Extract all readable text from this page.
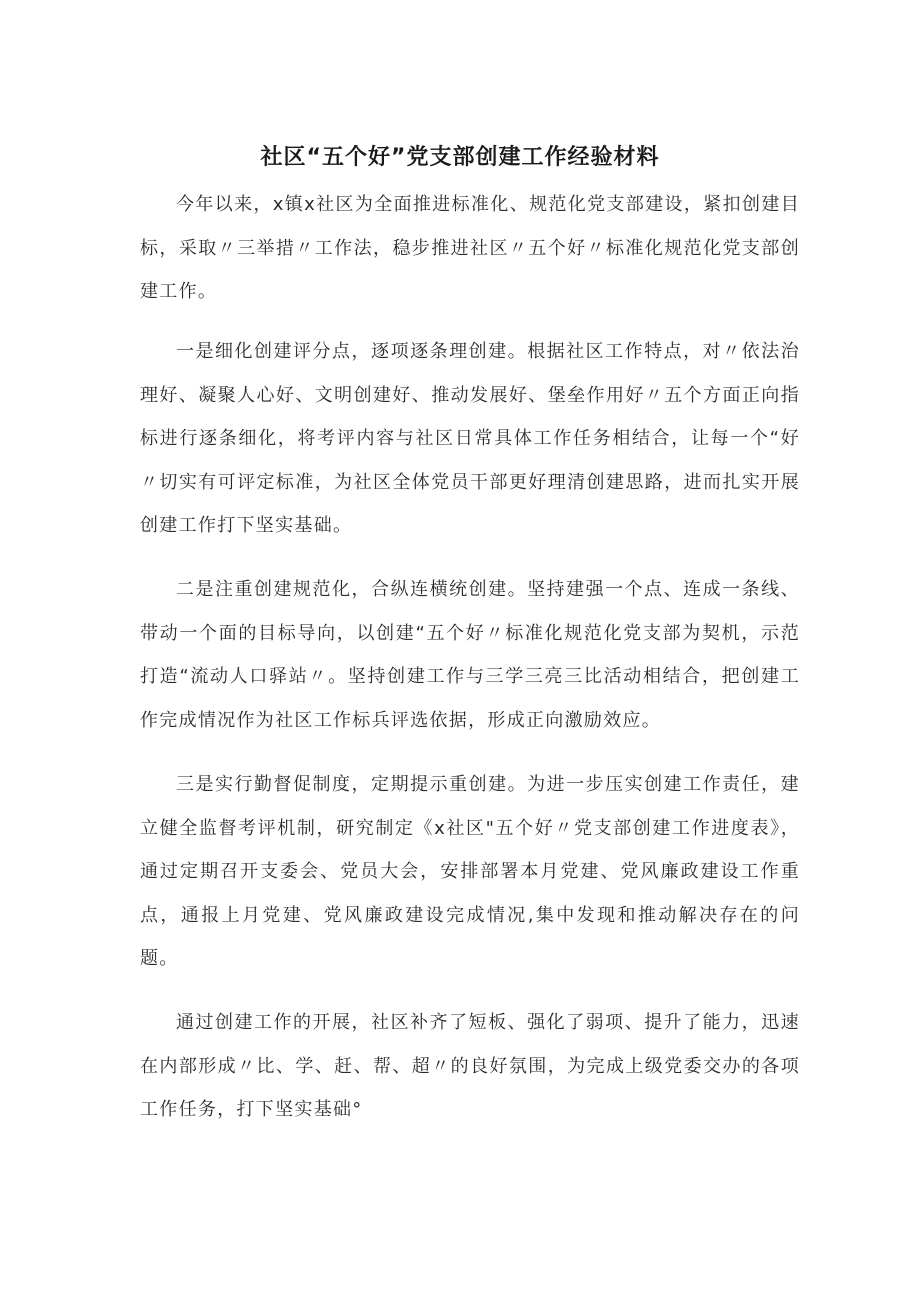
社区“五个好”党支部创建工作经验材料

今年以来，x镇x社区为全面推进标准化、规范化党支部建设，紧扣创建目标，采取〃三举措〃工作法，稳步推进社区〃五个好〃标准化规范化党支部创建工作。

一是细化创建评分点，逐项逐条理创建。根据社区工作特点，对〃依法治理好、凝聚人心好、文明创建好、推动发展好、堡垒作用好〃五个方面正向指标进行逐条细化，将考评内容与社区日常具体工作任务相结合，让每一个“好〃切实有可评定标准，为社区全体党员干部更好理清创建思路，进而扎实开展创建工作打下坚实基础。

二是注重创建规范化，合纵连横统创建。坚持建强一个点、连成一条线、带动一个面的目标导向，以创建“五个好〃标准化规范化党支部为契机，示范打造“流动人口驿站〃。坚持创建工作与三学三亮三比活动相结合，把创建工作完成情况作为社区工作标兵评选依据，形成正向激励效应。

三是实行勤督促制度，定期提示重创建。为进一步压实创建工作责任，建立健全监督考评机制，研究制定《x社区"五个好〃党支部创建工作进度表》，通过定期召开支委会、党员大会，安排部署本月党建、党风廉政建设工作重点，通报上月党建、党风廉政建设完成情况,集中发现和推动解决存在的问题。

通过创建工作的开展，社区补齐了短板、强化了弱项、提升了能力，迅速在内部形成〃比、学、赶、帮、超〃的良好氛围，为完成上级党委交办的各项工作任务，打下坚实基础°
